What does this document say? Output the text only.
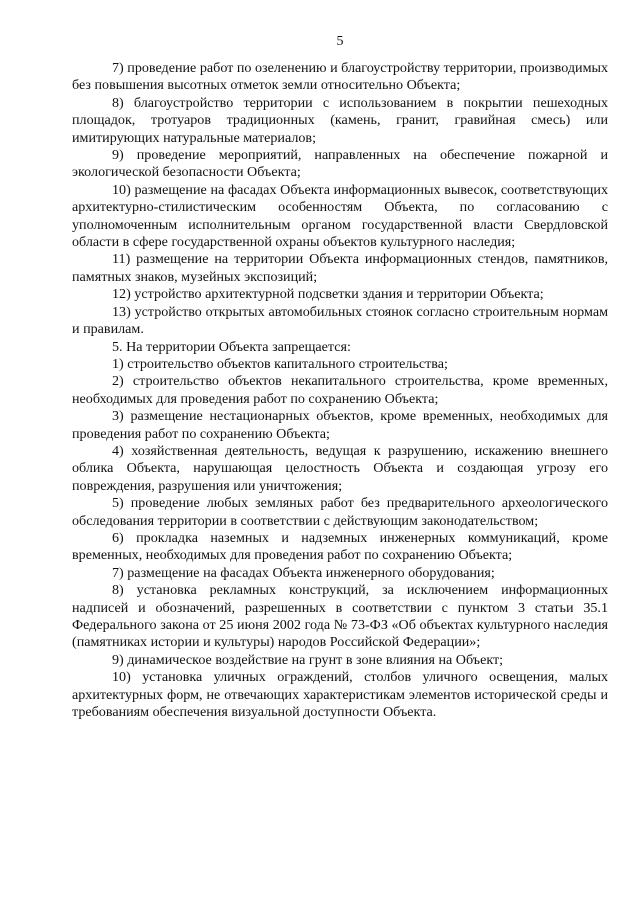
5

7) проведение работ по озеленению и благоустройству территории, производимых без повышения высотных отметок земли относительно Объекта;

8) благоустройство территории с использованием в покрытии пешеходных площадок, тротуаров традиционных (камень, гранит, гравийная смесь) или имитирующих натуральные материалов;

9) проведение мероприятий, направленных на обеспечение пожарной и экологической безопасности Объекта;

10) размещение на фасадах Объекта информационных вывесок, соответствующих архитектурно-стилистическим особенностям Объекта, по согласованию с уполномоченным исполнительным органом государственной власти Свердловской области в сфере государственной охраны объектов культурного наследия;

11) размещение на территории Объекта информационных стендов, памятников, памятных знаков, музейных экспозиций;

12) устройство архитектурной подсветки здания и территории Объекта;

13) устройство открытых автомобильных стоянок согласно строительным нормам и правилам.

5. На территории Объекта запрещается:

1) строительство объектов капитального строительства;

2) строительство объектов некапитального строительства, кроме временных, необходимых для проведения работ по сохранению Объекта;

3) размещение нестационарных объектов, кроме временных, необходимых для проведения работ по сохранению Объекта;

4) хозяйственная деятельность, ведущая к разрушению, искажению внешнего облика Объекта, нарушающая целостность Объекта и создающая угрозу его повреждения, разрушения или уничтожения;

5) проведение любых земляных работ без предварительного археологического обследования территории в соответствии с действующим законодательством;

6) прокладка наземных и надземных инженерных коммуникаций, кроме временных, необходимых для проведения работ по сохранению Объекта;

7) размещение на фасадах Объекта инженерного оборудования;

8) установка рекламных конструкций, за исключением информационных надписей и обозначений, разрешенных в соответствии с пунктом 3 статьи 35.1 Федерального закона от 25 июня 2002 года № 73-ФЗ «Об объектах культурного наследия (памятниках истории и культуры) народов Российской Федерации»;

9) динамическое воздействие на грунт в зоне влияния на Объект;

10) установка уличных ограждений, столбов уличного освещения, малых архитектурных форм, не отвечающих характеристикам элементов исторической среды и требованиям обеспечения визуальной доступности Объекта.
